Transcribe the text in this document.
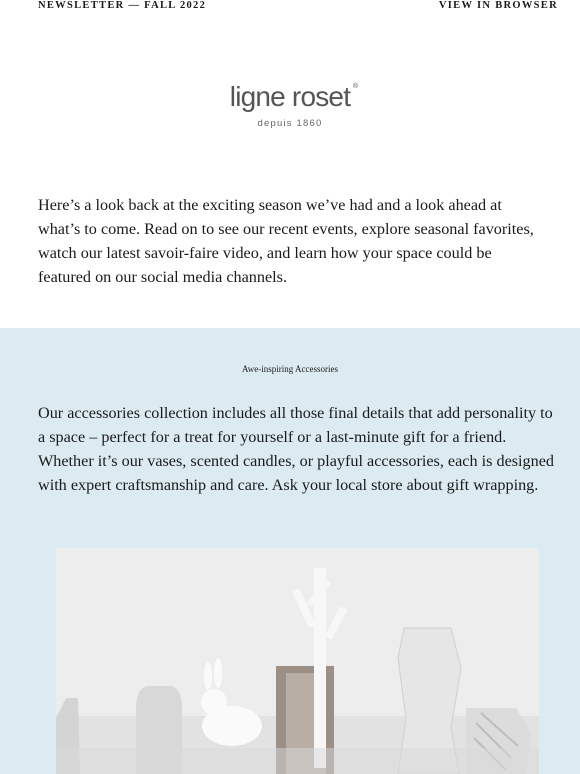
NEWSLETTER — FALL 2022	VIEW IN BROWSER
ligne roset ®
depuis 1860

Here’s a look back at the exciting season we’ve had and a look ahead at what’s to come. Read on to see our recent events, explore seasonal favorites, watch our latest savoir-faire video, and learn how your space could be featured on our social media channels.

Awe-inspiring Accessories
Our accessories collection includes all those final details that add personality to a space – perfect for a treat for yourself or a last-minute gift for a friend. Whether it’s our vases, scented candles, or playful accessories, each is designed with expert craftsmanship and care. Ask your local store about gift wrapping.
